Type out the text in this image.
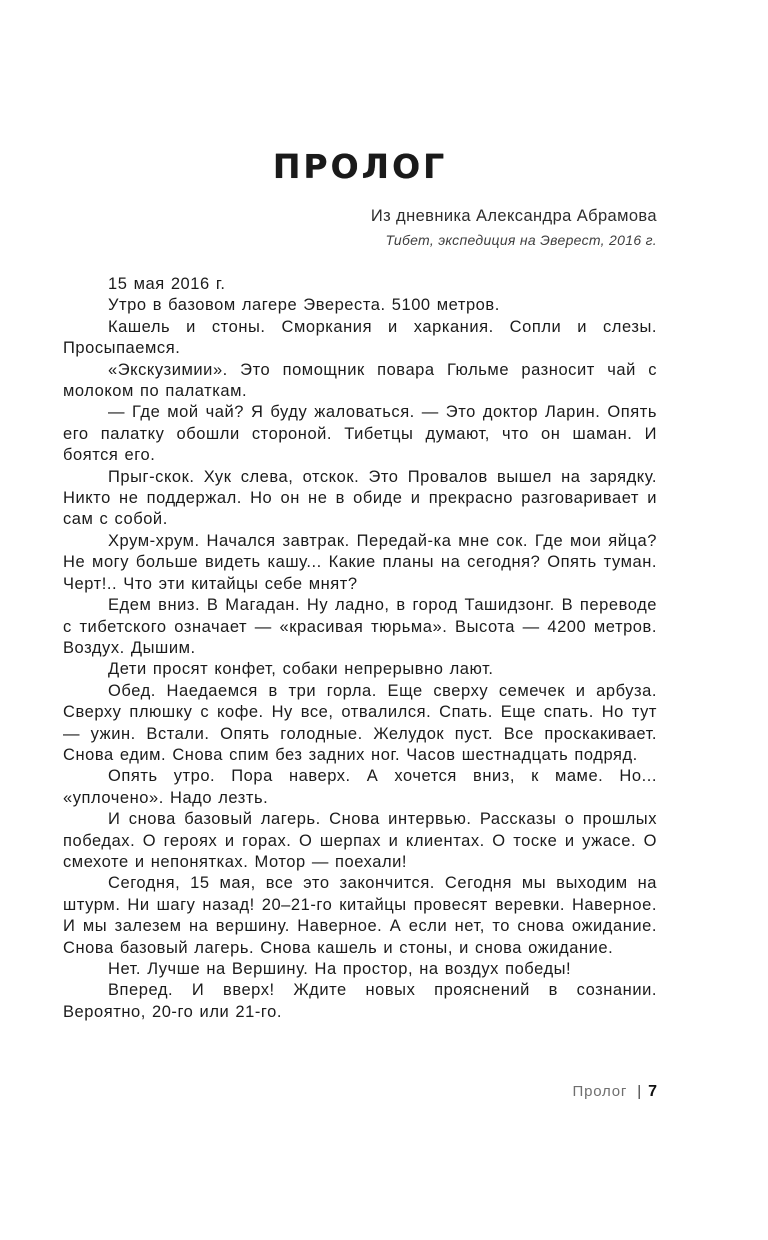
ПРОЛОГ
Из дневника Александра Абрамова
Тибет, экспедиция на Эверест, 2016 г.

15 мая 2016 г.

Утро в базовом лагере Эвереста. 5100 метров.

Кашель и стоны. Сморкания и харкания. Сопли и слезы. Просыпаемся.

«Экскузимии». Это помощник повара Гюльме разносит чай с молоком по палаткам.

— Где мой чай? Я буду жаловаться. — Это доктор Ларин. Опять его палатку обошли стороной. Тибетцы думают, что он шаман. И боятся его.

Прыг-скок. Хук слева, отскок. Это Провалов вышел на зарядку. Никто не поддержал. Но он не в обиде и прекрасно разговаривает и сам с собой.

Хрум-хрум. Начался завтрак. Передай-ка мне сок. Где мои яйца? Не могу больше видеть кашу... Какие планы на сегодня? Опять туман. Черт!.. Что эти китайцы себе мнят?

Едем вниз. В Магадан. Ну ладно, в город Ташидзонг. В переводе с тибетского означает — «красивая тюрьма». Высота — 4200 метров. Воздух. Дышим.

Дети просят конфет, собаки непрерывно лают.

Обед. Наедаемся в три горла. Еще сверху семечек и арбуза. Сверху плюшку с кофе. Ну все, отвалился. Спать. Еще спать. Но тут — ужин. Встали. Опять голодные. Желудок пуст. Все проскакивает. Снова едим. Снова спим без задних ног. Часов шестнадцать подряд.

Опять утро. Пора наверх. А хочется вниз, к маме. Но... «уплочено». Надо лезть.

И снова базовый лагерь. Снова интервью. Рассказы о прошлых победах. О героях и горах. О шерпах и клиентах. О тоске и ужасе. О смехоте и непонятках. Мотор — поехали!

Сегодня, 15 мая, все это закончится. Сегодня мы выходим на штурм. Ни шагу назад! 20–21-го китайцы провесят веревки. Наверное. И мы залезем на вершину. Наверное. А если нет, то снова ожидание. Снова базовый лагерь. Снова кашель и стоны, и снова ожидание.

Нет. Лучше на Вершину. На простор, на воздух победы!

Вперед. И вверх! Ждите новых прояснений в сознании. Вероятно, 20-го или 21-го.

Пролог | 7
